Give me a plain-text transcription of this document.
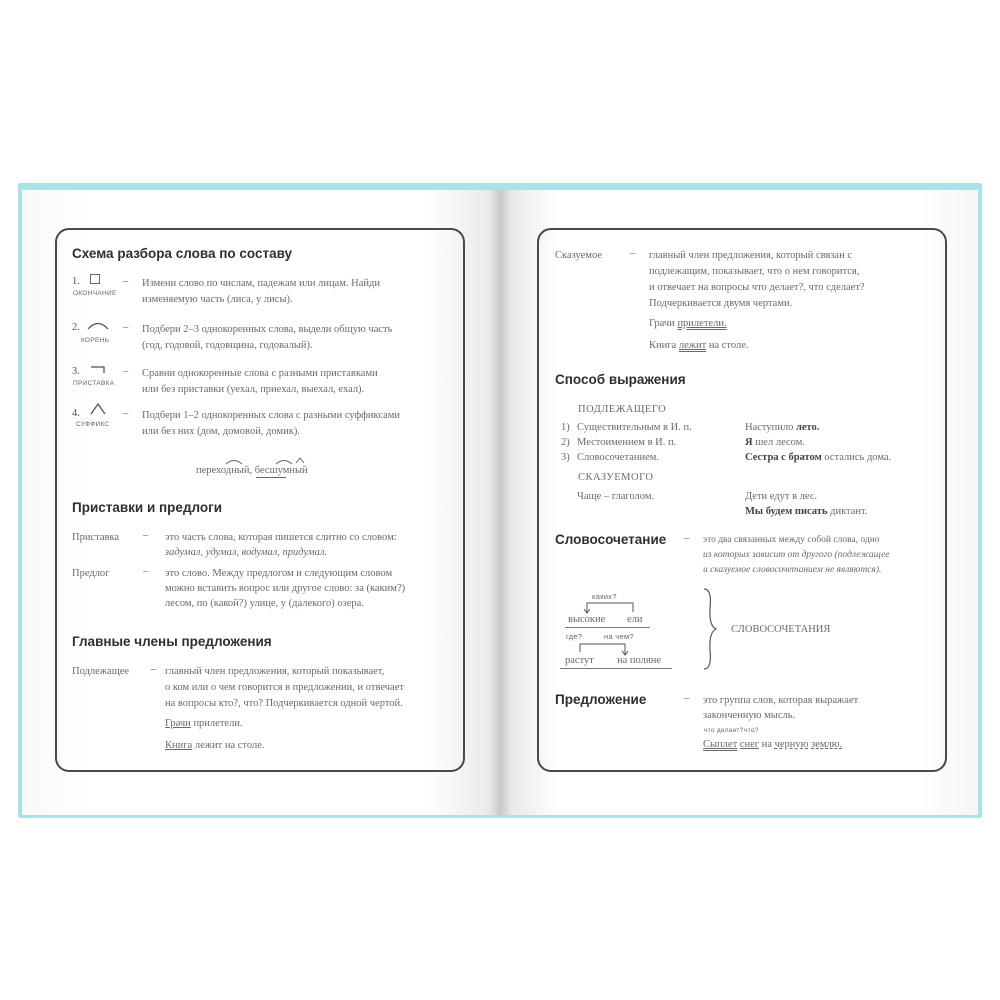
Схема разбора слова по составу
1.
ОКОНЧАНИЕ
– Измени слово по числам, падежам или лицам. Найди
изменяемую часть (лиса, у лисы).
2.
КОРЕНЬ
– Подбери 2–3 однокоренных слова, выдели общую часть
(год, годовой, годовщина, годовалый).
3.
ПРИСТАВКА
– Сравни однокоренные слова с разными приставками
или без приставки (уехал, приехал, выехал, ехал).
4.
СУФФИКС
– Подбери 1–2 однокоренных слова с разными суффиксами
или без них (дом, домовой, домик).
переходный, бесшумный
Приставки и предлоги
Приставка – это часть слова, которая пишется слитно со словом:
задумал, удумал, водумал, придумал.
Предлог	– это слово. Между предлогом и следующим словом
можно вставить вопрос или другое слово: за (каким?)
лесом, по (какой?) улице, у (далекого) озера.
Главные члены предложения
Подлежащее – главный член предложения, который показывает,
о ком или о чем говорится в предложении, и отвечает
на вопросы кто?, что? Подчеркивается одной чертой.
Грачи прилетели.
Книга лежит на столе.
Сказуемое	– главный член предложения, который связан с
подлежащим, показывает, что о нем говорится,
и отвечает на вопросы что делает?, что сделает?
Подчеркивается двумя чертами.
Грачи прилетели.
Книга лежит на столе.
Способ выражения
ПОДЛЕЖАЩЕГО
1) Существительным в И. п.	Наступило лето.
2) Местоимением в И. п.	Я шел лесом.
3) Словосочетанием.	Сестра с братом остались дома.
СКАЗУЕМОГО
Чаще – глаголом.	Дети едут в лес.
Мы будем писать диктант.
Словосочетание – это два связанных между собой слова, одно
из которых зависит от другого (подлежащее
и сказуемое словосочетанием не являются).
каких?
высокие ели
где?	на чем?
растут на поляне
СЛОВОСОЧЕТАНИЯ
Предложение	– это группа слов, которая выражает
законченную мысль.
что делает? что?
Сыплет снег на черную землю.
